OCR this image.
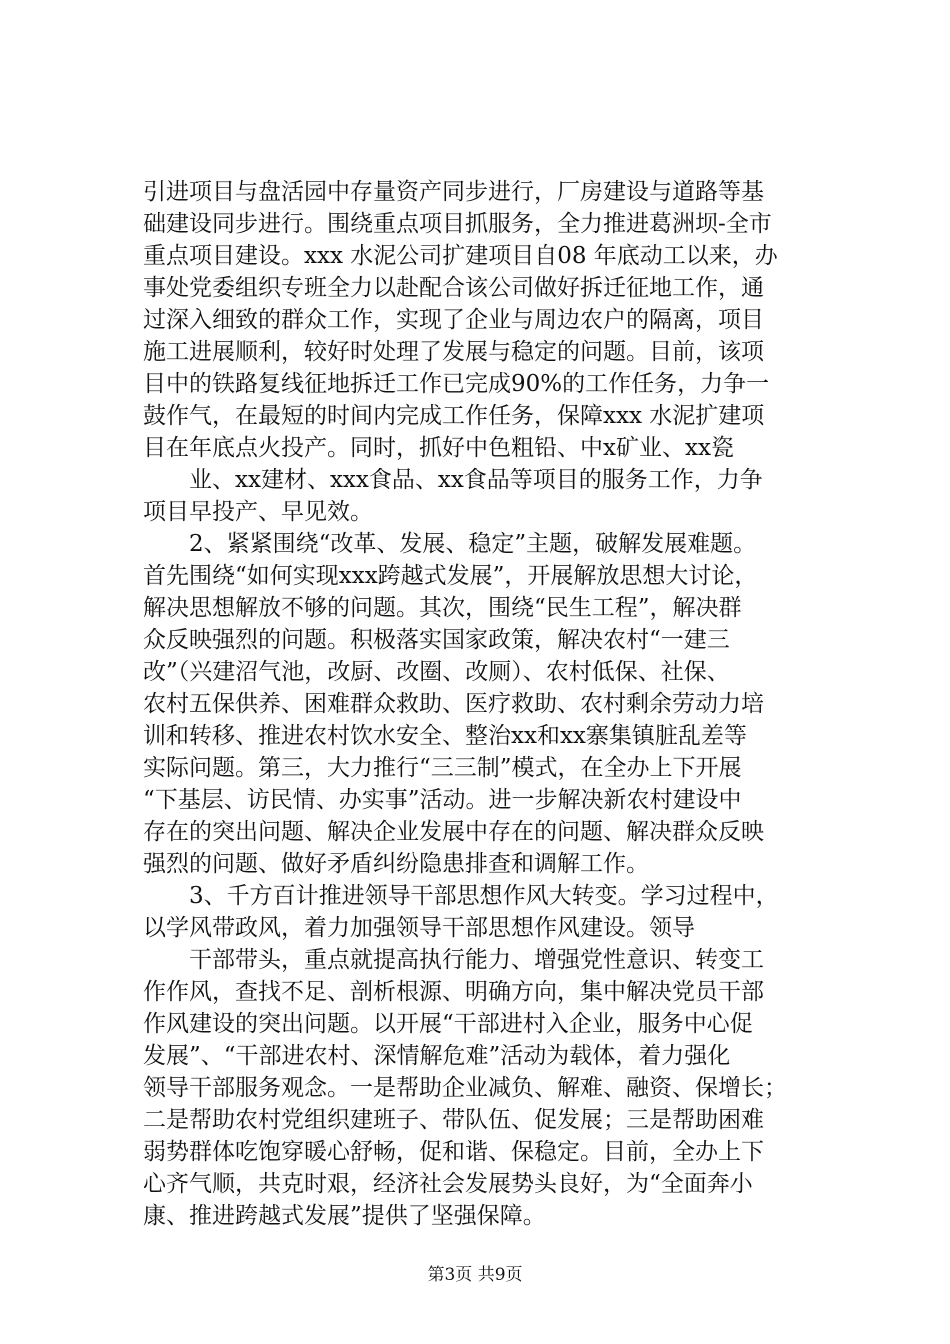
引进项目与盘活园中存量资产同步进行，厂房建设与道路等基
础建设同步进行。围绕重点项目抓服务，全力推进葛洲坝-全市
重点项目建设。xxx 水泥公司扩建项目自08 年底动工以来，办
事处党委组织专班全力以赴配合该公司做好拆迁征地工作，通
过深入细致的群众工作，实现了企业与周边农户的隔离，项目
施工进展顺利，较好时处理了发展与稳定的问题。目前，该项
目中的铁路复线征地拆迁工作已完成90%的工作任务，力争一
鼓作气，在最短的时间内完成工作任务，保障xxx 水泥扩建项
目在年底点火投产。同时，抓好中色粗铅、中x矿业、xx瓷
业、xx建材、xxx食品、xx食品等项目的服务工作，力争
项目早投产、早见效。
2、紧紧围绕“改革、发展、稳定”主题，破解发展难题。
首先围绕“如何实现xxx跨越式发展”，开展解放思想大讨论，
解决思想解放不够的问题。其次，围绕“民生工程”，解决群
众反映强烈的问题。积极落实国家政策，解决农村“一建三
改”（兴建沼气池，改厨、改圈、改厕）、农村低保、社保、
农村五保供养、困难群众救助、医疗救助、农村剩余劳动力培
训和转移、推进农村饮水安全、整治xx和xx寨集镇脏乱差等
实际问题。第三，大力推行“三三制”模式，在全办上下开展
“下基层、访民情、办实事”活动。进一步解决新农村建设中
存在的突出问题、解决企业发展中存在的问题、解决群众反映
强烈的问题、做好矛盾纠纷隐患排查和调解工作。
3、千方百计推进领导干部思想作风大转变。学习过程中，
以学风带政风，着力加强领导干部思想作风建设。领导
干部带头，重点就提高执行能力、增强党性意识、转变工
作作风，查找不足、剖析根源、明确方向，集中解决党员干部
作风建设的突出问题。以开展“干部进村入企业，服务中心促
发展”、“干部进农村、深情解危难”活动为载体，着力强化
领导干部服务观念。一是帮助企业减负、解难、融资、保增长；
二是帮助农村党组织建班子、带队伍、促发展；三是帮助困难
弱势群体吃饱穿暖心舒畅，促和谐、保稳定。目前，全办上下
心齐气顺，共克时艰，经济社会发展势头良好，为“全面奔小
康、推进跨越式发展”提供了坚强保障。
第3页 共9页
